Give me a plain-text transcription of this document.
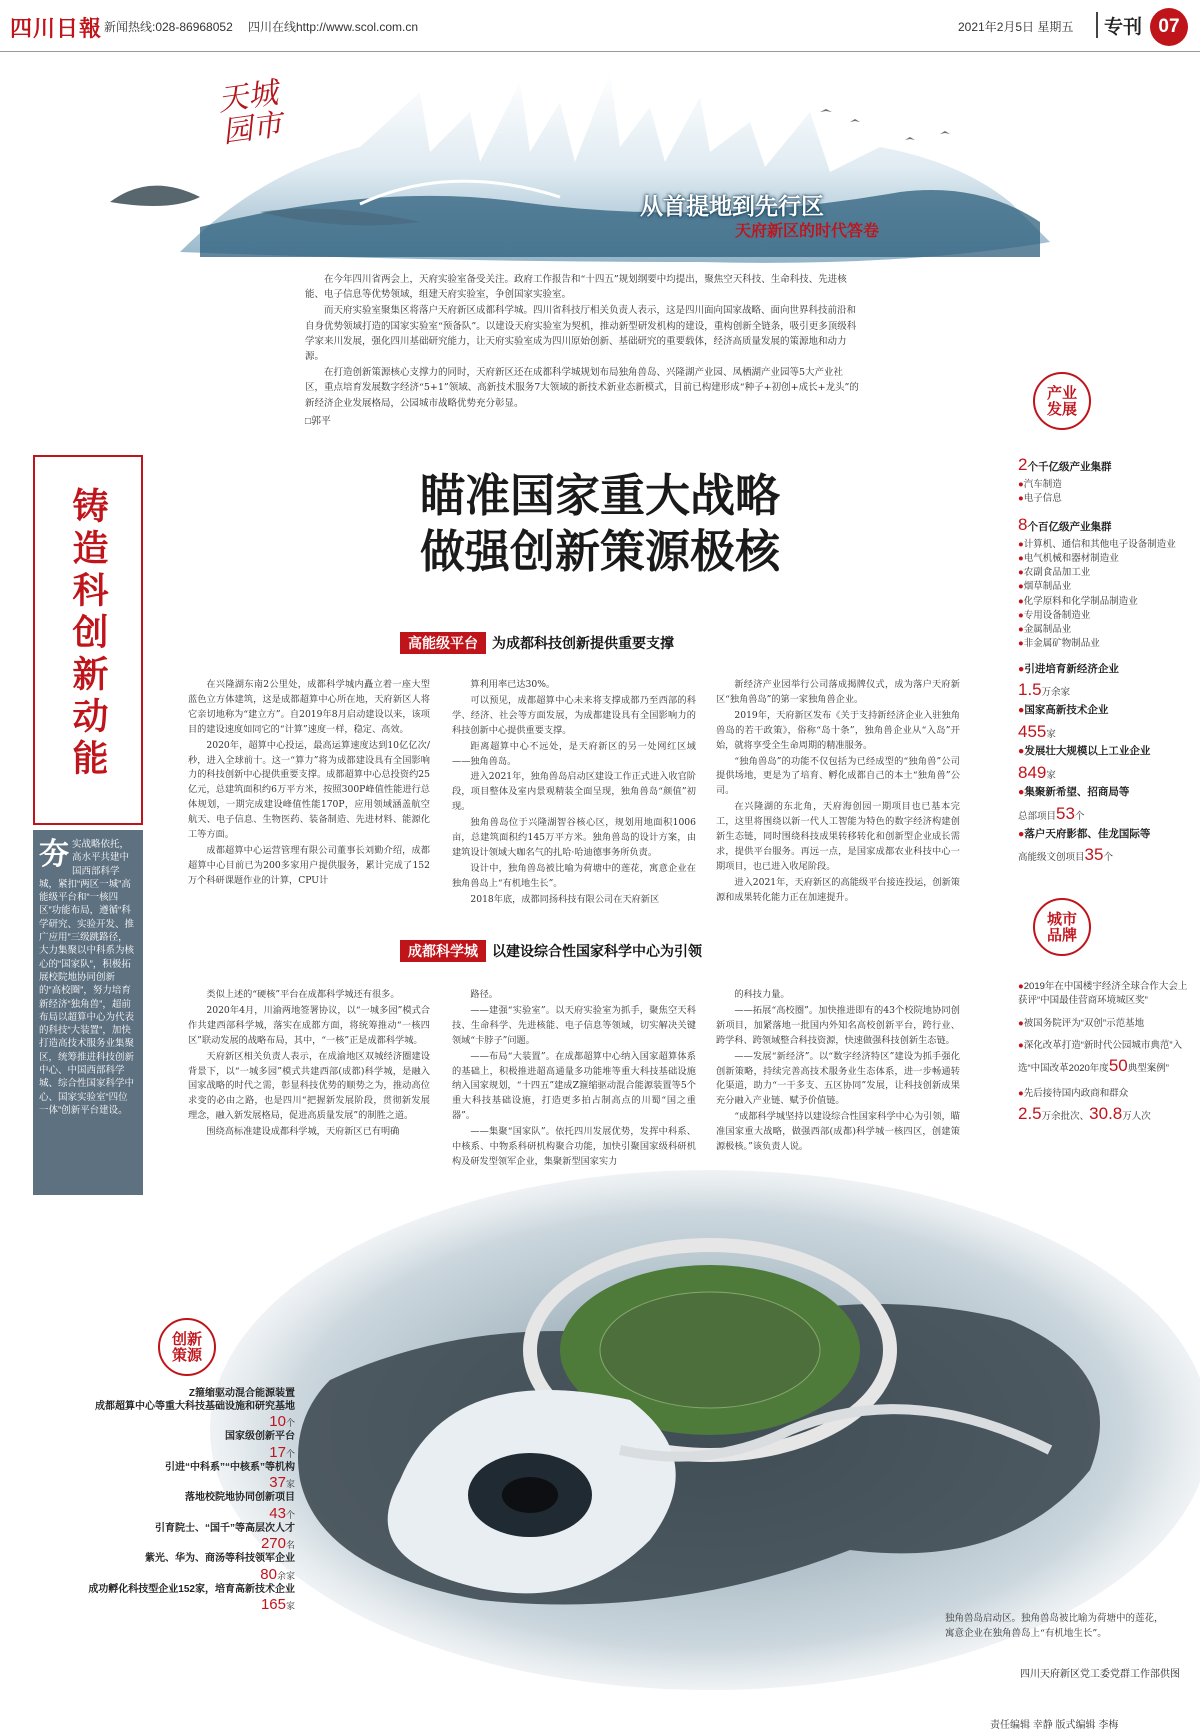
四川日報 新闻热线:028-86968052 四川在线http://www.scol.com.cn	2021年2月5日 星期五 专刊 07
天城园市
从首提地到先行区
天府新区的时代答卷

在今年四川省两会上，天府实验室备受关注。政府工作报告和“十四五”规划纲要中均提出，聚焦空天科技、生命科技、先进核能、电子信息等优势领域，组建天府实验室，争创国家实验室。

而天府实验室聚集区将落户天府新区成都科学城。四川省科技厅相关负责人表示，这是四川面向国家战略、面向世界科技前沿和自身优势领域打造的国家实验室“预备队”。以建设天府实验室为契机，推动新型研发机构的建设，重构创新全链条，吸引更多顶级科学家来川发展，强化四川基础研究能力，让天府实验室成为四川原始创新、基础研究的重要载体，经济高质量发展的策源地和动力源。

在打造创新策源核心支撑力的同时，天府新区还在成都科学城规划布局独角兽岛、兴隆湖产业园、凤栖湖产业园等5大产业社区，重点培育发展数字经济“5+1”领域、高新技术服务7大领域的新技术新业态新模式，目前已构建形成“种子+初创+成长+龙头”的新经济企业发展格局，公园城市战略优势充分彰显。

□郭平
铸造科创新动能
夯实战略依托，高水平共建中国西部科学城，紧扣“两区一城”高能级平台和“一核四区”功能布局，遵循“科学研究、实验开发、推广应用”三级跳路径，大力集聚以中科系为核心的“国家队”，积极拓展校院地协同创新的“高校圈”，努力培育新经济“独角兽”，超前布局以超算中心为代表的科技“大装置”，加快打造高技术服务业集聚区，统筹推进科技创新中心、中国西部科学城、综合性国家科学中心、国家实验室“四位一体”创新平台建设。
瞄准国家重大战略
做强创新策源极核
高能级平台	为成都科技创新提供重要支撑

在兴隆湖东南2公里处，成都科学城内矗立着一座大型蓝色立方体建筑，这是成都超算中心所在地，天府新区人将它亲切地称为“建立方”。自2019年8月启动建设以来，该项目的建设速度如同它的“计算”速度一样，稳定、高效。

2020年，超算中心投运，最高运算速度达到10亿亿次/秒，进入全球前十。这一“算力”将为成都建设具有全国影响力的科技创新中心提供重要支撑。成都超算中心总投资约25亿元，总建筑面积约6万平方米，按照300P峰值性能进行总体规划，一期完成建设峰值性能170P，应用领域涵盖航空航天、电子信息、生物医药、装备制造、先进材料、能源化工等方面。

成都超算中心运营管理有限公司董事长刘勤介绍，成都超算中心目前已为200多家用户提供服务，累计完成了152万个科研课题作业的计算，CPU计

算利用率已达30%。

可以预见，成都超算中心未来将支撑成都乃至西部的科学、经济、社会等方面发展，为成都建设具有全国影响力的科技创新中心提供重要支撑。

距离超算中心不远处，是天府新区的另一处网红区域——独角兽岛。

进入2021年，独角兽岛启动区建设工作正式进入收官阶段，项目整体及室内景观精装全面呈现，独角兽岛“颜值”初现。

独角兽岛位于兴隆湖智谷核心区，规划用地面积1006亩，总建筑面积约145万平方米。独角兽岛的设计方案，由建筑设计领域大咖名气的扎哈·哈迪德事务所负责。

设计中，独角兽岛被比喻为荷塘中的莲花，寓意企业在独角兽岛上“有机地生长”。

2018年底，成都同扬科技有限公司在天府新区

新经济产业园举行公司落成揭牌仪式，成为落户天府新区“独角兽岛”的第一家独角兽企业。

2019年，天府新区发布《关于支持新经济企业入驻独角兽岛的若干政策》，俗称“岛十条”，独角兽企业从“入岛”开始，就将享受全生命周期的精准服务。

“独角兽岛”的功能不仅包括为已经成型的“独角兽”公司提供场地，更是为了培育、孵化成都自己的本土“独角兽”公司。

在兴隆湖的东北角，天府海创园一期项目也已基本完工，这里将围绕以新一代人工智能为特色的数字经济构建创新生态链，同时围绕科技成果转移转化和创新型企业成长需求，提供平台服务。再远一点，是国家成都农业科技中心一期项目，也已进入收尾阶段。

进入2021年，天府新区的高能级平台接连投运，创新策源和成果转化能力正在加速提升。

成都科学城	以建设综合性国家科学中心为引领

类似上述的“硬核”平台在成都科学城还有很多。

2020年4月，川渝两地签署协议，以“一城多园”模式合作共建西部科学城，落实在成都方面，将统筹推动“一核四区”联动发展的战略布局，其中，“一核”正是成都科学城。

天府新区相关负责人表示，在成渝地区双城经济圈建设背景下，以“一城多园”模式共建西部(成都)科学城，是融入国家战略的时代之需，彰显科技优势的顺势之为，推动高位求变的必由之路，也是四川“把握新发展阶段，贯彻新发展理念，融入新发展格局，促进高质量发展”的制胜之道。

围绕高标准建设成都科学城，天府新区已有明确

路径。

——建强“实验室”。以天府实验室为抓手，聚焦空天科技、生命科学、先进核能、电子信息等领域，切实解决关键领域“卡脖子”问题。

——布局“大装置”。在成都超算中心纳入国家超算体系的基础上，积极推进超高通量多功能堆等重大科技基础设施纳入国家规划，“十四五”建成Z箍缩驱动混合能源装置等5个重大科技基础设施，打造更多拍占制高点的川蜀“国之重器”。

——集聚“国家队”。依托四川发展优势，发挥中科系、中核系、中物系科研机构聚合功能，加快引聚国家级科研机构及研发型领军企业，集聚新型国家实力

的科技力量。

——拓展“高校圈”。加快推进即有的43个校院地协同创新项目，加紧落地一批国内外知名高校创新平台，跨行业、跨学科、跨领域整合科技资源，快速做强科技创新生态链。

——发展“新经济”。以“数字经济特区”建设为抓手强化创新策略，持续完善高技术服务业生态体系，进一步畅通转化渠道，助力“一干多支、五区协同”发展，让科技创新成果充分融入产业链、赋予价值链。

“成都科学城坚持以建设综合性国家科学中心为引领，瞄准国家重大战略，做强西部(成都)科学城一核四区，创建策源极核。”该负责人说。

产业发展
2个千亿级产业集群
●汽车制造
●电子信息
8个百亿级产业集群
●计算机、通信和其他电子设备制造业
●电气机械和器材制造业
●农副食品加工业
●烟草制品业
●化学原料和化学制品制造业
●专用设备制造业
●金属制品业
●非金属矿物制品业
●引进培育新经济企业
1.5万余家
●国家高新技术企业
455家
●发展壮大规模以上工业企业
849家
●集聚新希望、招商局等
总部项目53个
●落户天府影都、佳龙国际等
高能级文创项目35个
城市品牌
●2019年在中国楼宇经济全球合作大会上获评“中国最佳营商环境城区奖”
●被国务院评为“双创”示范基地
●深化改革打造“新时代公园城市典范”入选“中国改革2020年度50典型案例”
●先后接待国内政商和群众
2.5万余批次、30.8万人次
创新策源
Z箍缩驱动混合能源装置
成都超算中心等重大科技基础设施和研究基地
10个
国家级创新平台
17个
引进“中科系”“中核系”等机构
37家
落地校院地协同创新项目
43个
引育院士、“国千”等高层次人才
270名
紫光、华为、商汤等科技领军企业
80余家
成功孵化科技型企业152家，培育高新技术企业
165家
独角兽岛启动区。独角兽岛被比喻为荷塘中的莲花，寓意企业在独角兽岛上“有机地生长”。
四川天府新区党工委党群工作部供图
责任编辑 幸静 版式编辑 李梅
